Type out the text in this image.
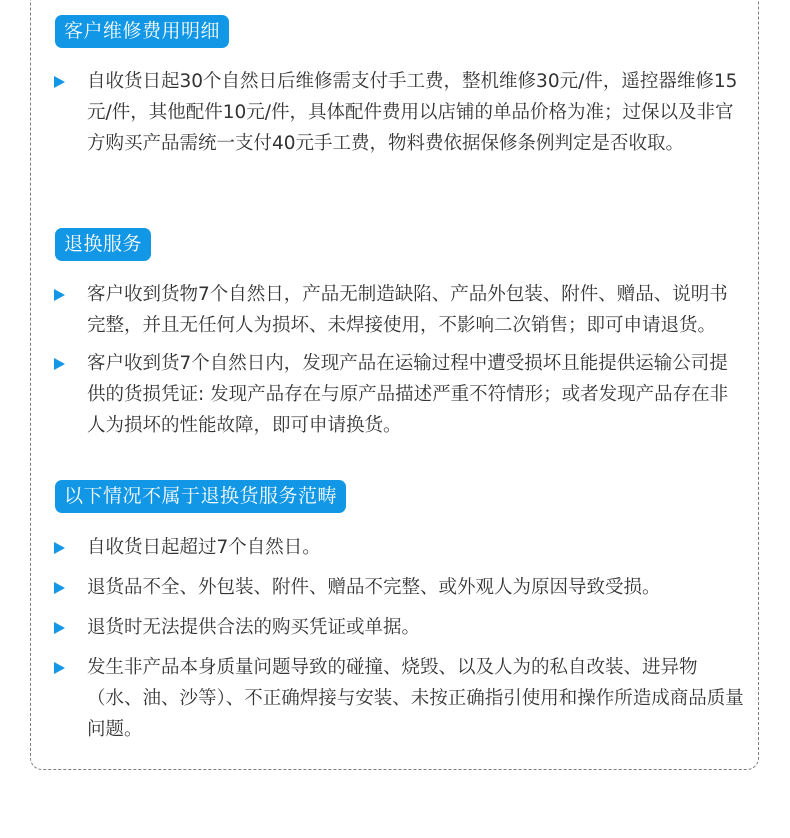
客户维修费用明细
自收货日起30个自然日后维修需支付手工费，整机维修30元/件，遥控器维修15元/件，其他配件10元/件，具体配件费用以店铺的单品价格为准；过保以及非官方购买产品需统一支付40元手工费，物料费依据保修条例判定是否收取。
退换服务
客户收到货物7个自然日，产品无制造缺陷、产品外包装、附件、赠品、说明书完整，并且无任何人为损坏、未焊接使用，不影响二次销售；即可申请退货。
客户收到货7个自然日内，发现产品在运输过程中遭受损坏且能提供运输公司提供的货损凭证: 发现产品存在与原产品描述严重不符情形；或者发现产品存在非人为损坏的性能故障，即可申请换货。
以下情况不属于退换货服务范畴
自收货日起超过7个自然日。
退货品不全、外包装、附件、赠品不完整、或外观人为原因导致受损。
退货时无法提供合法的购买凭证或单据。
发生非产品本身质量问题导致的碰撞、烧毁、以及人为的私自改装、进异物（水、油、沙等）、不正确焊接与安装、未按正确指引使用和操作所造成商品质量问题。
